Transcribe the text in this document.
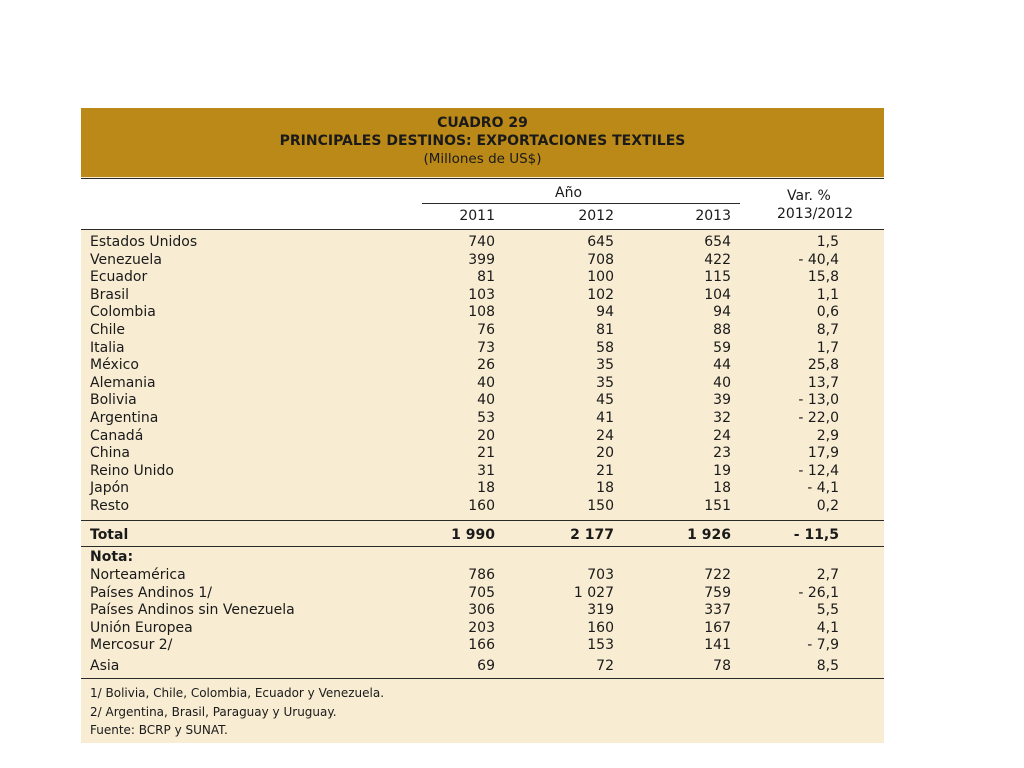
CUADRO 29
PRINCIPALES DESTINOS: EXPORTACIONES TEXTILES
(Millones de US$)
Año
2011	2012	2013
Var. %
2013/2012
Estados Unidos	740	645	654	1,5
Venezuela	399	708	422	- 40,4
Ecuador	81	100	115	15,8
Brasil	103	102	104	1,1
Colombia	108	94	94	0,6
Chile	76	81	88	8,7
Italia	73	58	59	1,7
México	26	35	44	25,8
Alemania	40	35	40	13,7
Bolivia	40	45	39	- 13,0
Argentina	53	41	32	- 22,0
Canadá	20	24	24	2,9
China	21	20	23	17,9
Reino Unido	31	21	19	- 12,4
Japón	18	18	18	- 4,1
Resto	160	150	151	0,2
Total	1 990	2 177	1 926	- 11,5
Nota:
Norteamérica	786	703	722	2,7
Países Andinos 1/	705	1 027	759	- 26,1
Países Andinos sin Venezuela	306	319	337	5,5
Unión Europea	203	160	167	4,1
Mercosur 2/	166	153	141	- 7,9
Asia	69	72	78	8,5
1/ Bolivia, Chile, Colombia, Ecuador y Venezuela.
2/ Argentina, Brasil, Paraguay y Uruguay.
Fuente: BCRP y SUNAT.
